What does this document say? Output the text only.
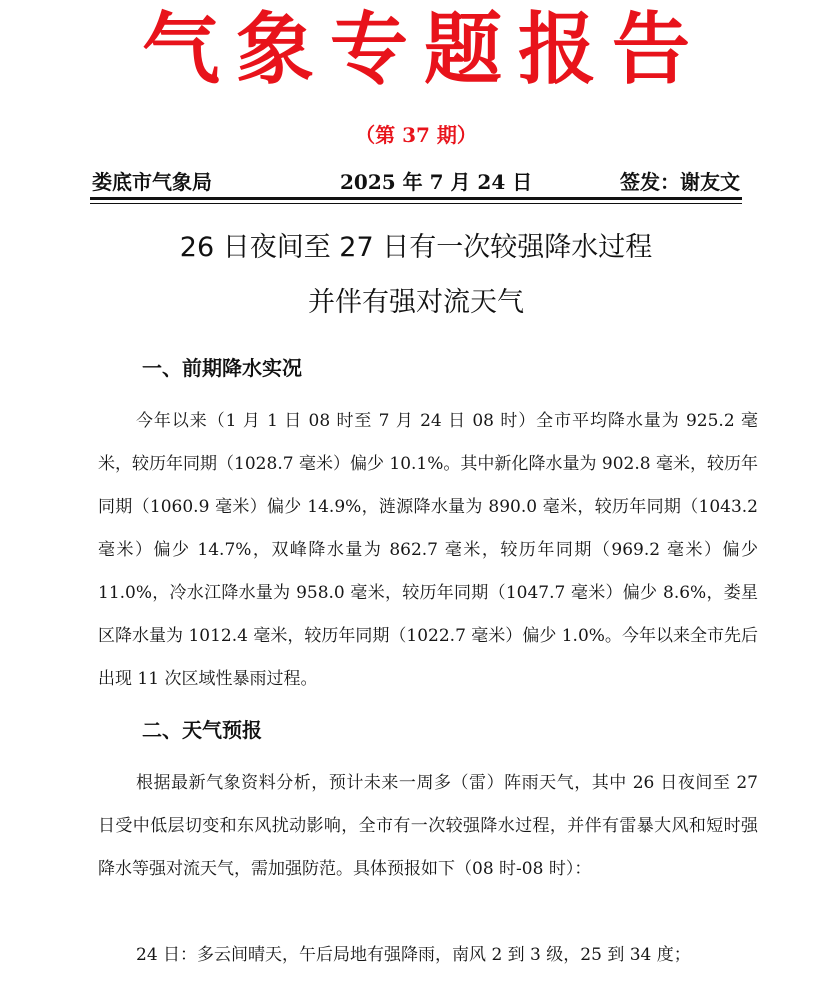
气象专题报告
（第 37 期）
娄底市气象局	2025 年 7 月 24 日	签发：谢友文
26 日夜间至 27 日有一次较强降水过程
并伴有强对流天气
一、前期降水实况

今年以来（1 月 1 日 08 时至 7 月 24 日 08 时）全市平均降水量为 925.2 毫米，较历年同期（1028.7 毫米）偏少 10.1%。其中新化降水量为 902.8 毫米，较历年同期（1060.9 毫米）偏少 14.9%，涟源降水量为 890.0 毫米，较历年同期（1043.2 毫米）偏少 14.7%，双峰降水量为 862.7 毫米，较历年同期（969.2 毫米）偏少 11.0%，冷水江降水量为 958.0 毫米，较历年同期（1047.7 毫米）偏少 8.6%，娄星区降水量为 1012.4 毫米，较历年同期（1022.7 毫米）偏少 1.0%。今年以来全市先后出现 11 次区域性暴雨过程。

二、天气预报

根据最新气象资料分析，预计未来一周多（雷）阵雨天气，其中 26 日夜间至 27 日受中低层切变和东风扰动影响，全市有一次较强降水过程，并伴有雷暴大风和短时强降水等强对流天气，需加强防范。具体预报如下（08 时-08 时）：

24 日：多云间晴天，午后局地有强降雨，南风 2 到 3 级，25 到 34 度；
